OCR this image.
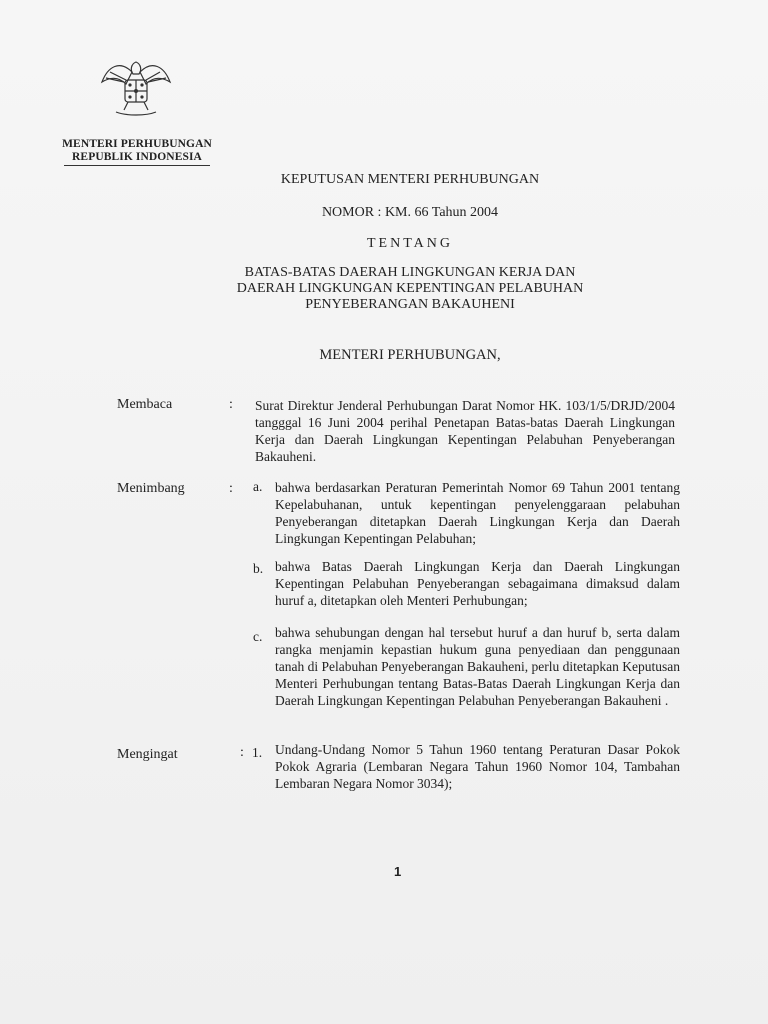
MENTERI PERHUBUNGAN
REPUBLIK INDONESIA
KEPUTUSAN MENTERI PERHUBUNGAN
NOMOR : KM. 66 Tahun 2004
TENTANG
BATAS-BATAS DAERAH LINGKUNGAN KERJA DAN
DAERAH LINGKUNGAN KEPENTINGAN PELABUHAN
PENYEBERANGAN BAKAUHENI
MENTERI PERHUBUNGAN,
Membaca	: Surat Direktur Jenderal Perhubungan Darat Nomor HK. 103/1/5/DRJD/2004 tangggal 16 Juni 2004 perihal Penetapan Batas-batas Daerah Lingkungan Kerja dan Daerah Lingkungan Kepentingan Pelabuhan Penyeberangan Bakauheni.
Menimbang	: a. bahwa berdasarkan Peraturan Pemerintah Nomor 69 Tahun 2001 tentang Kepelabuhanan, untuk kepentingan penyelenggaraan pelabuhan Penyeberangan ditetapkan Daerah Lingkungan Kerja dan Daerah Lingkungan Kepentingan Pelabuhan;
b. bahwa Batas Daerah Lingkungan Kerja dan Daerah Lingkungan Kepentingan Pelabuhan Penyeberangan sebagaimana dimaksud dalam huruf a, ditetapkan oleh Menteri Perhubungan;
c. bahwa sehubungan dengan hal tersebut huruf a dan huruf b, serta dalam rangka menjamin kepastian hukum guna penyediaan dan penggunaan tanah di Pelabuhan Penyeberangan Bakauheni, perlu ditetapkan Keputusan Menteri Perhubungan tentang Batas-Batas Daerah Lingkungan Kerja dan Daerah Lingkungan Kepentingan Pelabuhan Penyeberangan Bakauheni .
Mengingat	: 1. Undang-Undang Nomor 5 Tahun 1960 tentang Peraturan Dasar Pokok Pokok Agraria (Lembaran Negara Tahun 1960 Nomor 104, Tambahan Lembaran Negara Nomor 3034);
1
